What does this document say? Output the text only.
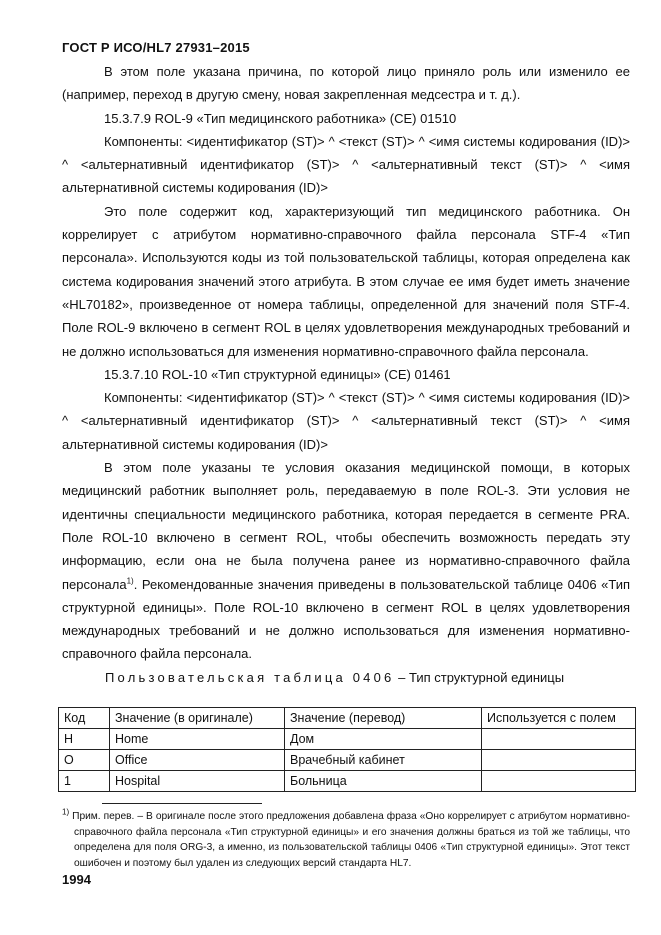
ГОСТ Р ИСО/HL7 27931–2015

В этом поле указана причина, по которой лицо приняло роль или изменило ее (например, переход в другую смену, новая закрепленная медсестра и т. д.).

15.3.7.9 ROL-9 «Тип медицинского работника» (CE) 01510

Компоненты: <идентификатор (ST)> ^ <текст (ST)> ^ <имя системы кодирования (ID)> ^ <альтернативный идентификатор (ST)> ^ <альтернативный текст (ST)> ^ <имя альтернативной системы кодирования (ID)>

Это поле содержит код, характеризующий тип медицинского работника. Он коррелирует с атрибутом нормативно-справочного файла персонала STF-4 «Тип персонала». Используются коды из той пользовательской таблицы, которая определена как система кодирования значений этого атрибута. В этом случае ее имя будет иметь значение «HL70182», произведенное от номера таблицы, определенной для значений поля STF-4. Поле ROL-9 включено в сегмент ROL в целях удовлетворения международных требований и не должно использоваться для изменения нормативно-справочного файла персонала.

15.3.7.10 ROL-10 «Тип структурной единицы» (CE) 01461

Компоненты: <идентификатор (ST)> ^ <текст (ST)> ^ <имя системы кодирования (ID)> ^ <альтернативный идентификатор (ST)> ^ <альтернативный текст (ST)> ^ <имя альтернативной системы кодирования (ID)>

В этом поле указаны те условия оказания медицинской помощи, в которых медицинский работник выполняет роль, передаваемую в поле ROL-3. Эти условия не идентичны специальности медицинского работника, которая передается в сегменте PRA. Поле ROL-10 включено в сегмент ROL, чтобы обеспечить возможность передать эту информацию, если она не была получена ранее из нормативно-справочного файла персонала$^{1)}$. Рекомендованные значения приведены в пользовательской таблице 0406 «Тип структурной единицы». Поле ROL-10 включено в сегмент ROL в целях удовлетворения международных требований и не должно использоваться для изменения нормативно-справочного файла персонала.

Пользовательская таблица 0406 – Тип структурной единицы

Код	Значение (в оригинале)	Значение (перевод)	Используется с полем
H	Home	Дом	
O	Office	Врачебный кабинет	
1	Hospital	Больница	

$^{1)}$ Прим. перев. – В оригинале после этого предложения добавлена фраза «Оно коррелирует с атрибутом нормативно-справочного файла персонала «Тип структурной единицы» и его значения должны браться из той же таблицы, что определена для поля ORG-3, а именно, из пользовательской таблицы 0406 «Тип структурной единицы». Этот текст ошибочен и поэтому был удален из следующих версий стандарта HL7.

1994
